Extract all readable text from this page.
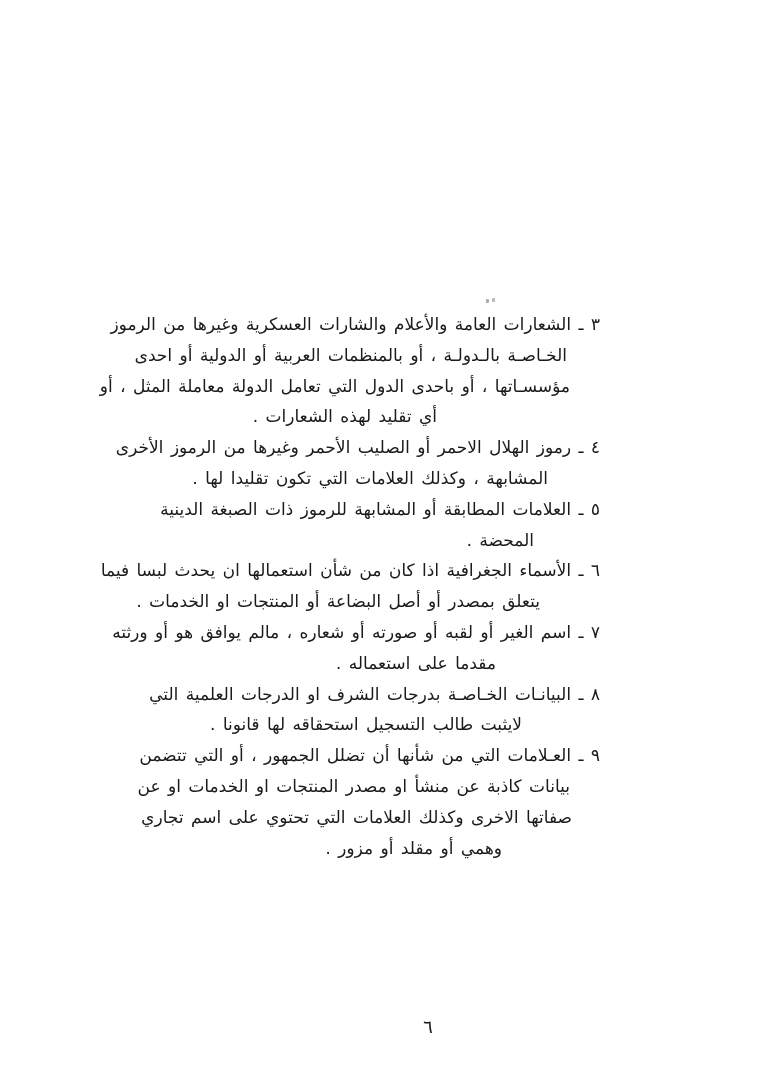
٣ ـ الشعارات العامة والأعلام والشارات العسكرية وغيرها من الرموز
الخـاصـة بالـدولـة ، أو بالمنظمات العربية أو الدولية أو احدى
مؤسسـاتها ، أو باحدى الدول التي تعامل الدولة معاملة المثل ، أو
أي تقليد لهذه الشعارات .
٤ ـ رموز الهلال الاحمر أو الصليب الأحمر وغيرها من الرموز الأخرى
المشابهة ، وكذلك العلامات التي تكون تقليدا لها .
٥ ـ العلامات المطابقة أو المشابهة للرموز ذات الصبغة الدينية
المحضة .
٦ ـ الأسماء الجغرافية اذا كان من شأن استعمالها ان يحدث لبسا فيما
يتعلق بمصدر أو أصل البضاعة أو المنتجات او الخدمات .
٧ ـ اسم الغير أو لقبه أو صورته أو شعاره ، مالم يوافق هو أو ورثته
مقدما على استعماله .
٨ ـ البيانـات الخـاصـة بدرجات الشرف او الدرجات العلمية التي
لايثبت طالب التسجيل استحقاقه لها قانونا .
٩ ـ العـلامات التي من شأنها أن تضلل الجمهور ، أو التي تتضمن
بيانات كاذبة عن منشأ او مصدر المنتجات او الخدمات او عن
صفاتها الاخرى وكذلك العلامات التي تحتوي على اسم تجاري
وهمي أو مقلد أو مزور .
٦
